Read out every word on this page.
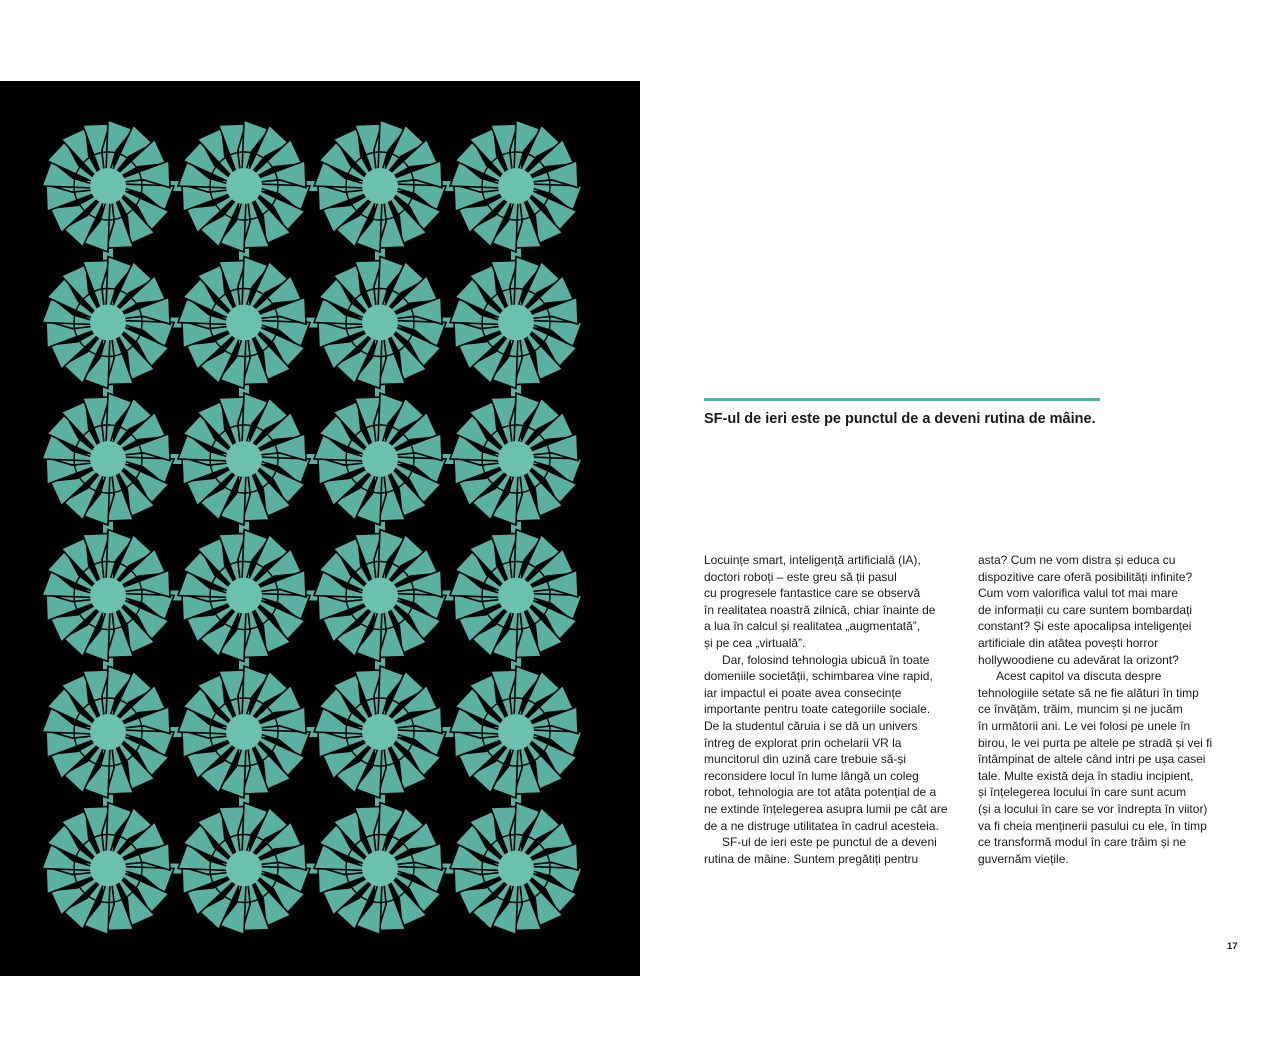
SF-ul de ieri este pe punctul de a deveni rutina de mâine.

Locuințe smart, inteligență artificială (IA),
doctori roboți – este greu să ții pasul
cu progresele fantastice care se observă
în realitatea noastră zilnică, chiar înainte de
a lua în calcul și realitatea „augmentată”,
și pe cea „virtuală”.

Dar, folosind tehnologia ubicuă în toate
domeniile societății, schimbarea vine rapid,
iar impactul ei poate avea consecințe
importante pentru toate categoriile sociale.
De la studentul căruia i se dă un univers
întreg de explorat prin ochelarii VR la
muncitorul din uzină care trebuie să-și
reconsidere locul în lume lângă un coleg
robot, tehnologia are tot atâta potențial de a
ne extinde înțelegerea asupra lumii pe cât are
de a ne distruge utilitatea în cadrul acesteia.

SF-ul de ieri este pe punctul de a deveni
rutina de mâine. Suntem pregătiți pentru

asta? Cum ne vom distra și educa cu
dispozitive care oferă posibilități infinite?
Cum vom valorifica valul tot mai mare
de informații cu care suntem bombardați
constant? Și este apocalipsa inteligenței
artificiale din atâtea povești horror
hollywoodiene cu adevărat la orizont?

Acest capitol va discuta despre
tehnologiile setate să ne fie alături în timp
ce învățăm, trăim, muncim și ne jucăm
în următorii ani. Le vei folosi pe unele în
birou, le vei purta pe altele pe stradă și vei fi
întâmpinat de altele când intri pe ușa casei
tale. Multe există deja în stadiu incipient,
și înțelegerea locului în care sunt acum
(și a locului în care se vor îndrepta în viitor)
va fi cheia menținerii pasului cu ele, în timp
ce transformă modul în care trăim și ne
guvernăm viețile.

17
